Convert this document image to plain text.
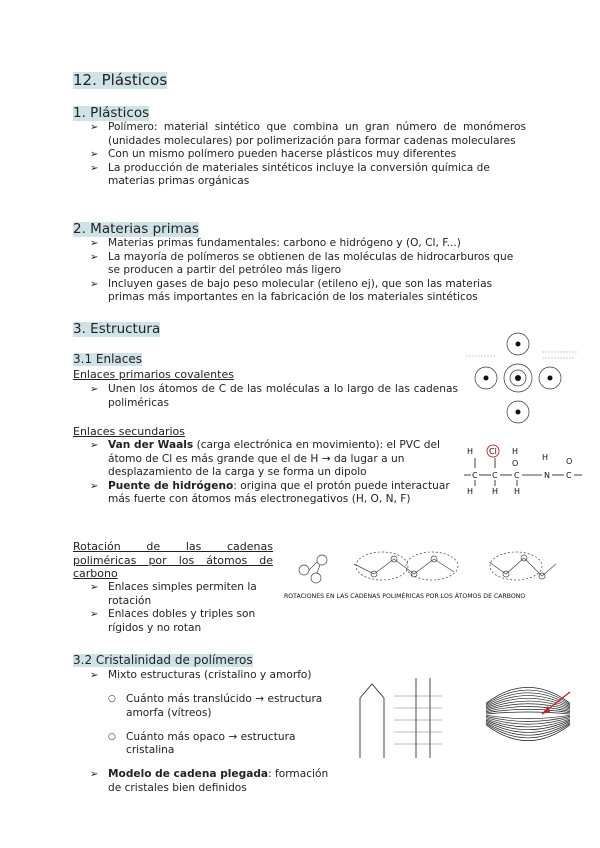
12. Plásticos
1. Plásticos

➢ Polímero: material sintético que combina un gran número de monómeros (unidades moleculares) por polimerización para formar cadenas moleculares

➢ Con un mismo polímero pueden hacerse plásticos muy diferentes

➢ La producción de materiales sintéticos incluye la conversión química de materias primas orgánicas

2. Materias primas

➢ Materias primas fundamentales: carbono e hidrógeno y (O, Cl, F...)

➢ La mayoría de polímeros se obtienen de las moléculas de hidrocarburos que se producen a partir del petróleo más ligero

➢ Incluyen gases de bajo peso molecular (etileno ej), que son las materias primas más importantes en la fabricación de los materiales sintéticos

3. Estructura
3.1 Enlaces
Enlaces primarios covalentes

➢ Unen los átomos de C de las moléculas a lo largo de las cadenas poliméricas

Enlaces secundarios

➢ Van der Waals (carga electrónica en movimiento): el PVC del átomo de Cl es más grande que el de H → da lugar a un desplazamiento de la carga y se forma un dipolo

➢ Puente de hidrógeno: origina que el protón puede interactuar más fuerte con átomos más electronegativos (H, O, N, F)

Rotación de las cadenas poliméricas por los átomos de carbono

➢ Enlaces simples permiten la rotación

➢ Enlaces dobles y triples son rígidos y no rotan

3.2 Cristalinidad de polímeros

➢ Mixto estructuras (cristalino y amorfo)

○ Cuánto más translúcido → estructura amorfa (vítreos)

○ Cuánto más opaco → estructura cristalina

➢ Modelo de cadena plegada: formación de cristales bien definidos

H Cl H
C C C
O
H
N
O
C
H H H
ROTACIONES EN LAS CADENAS POLIMÉRICAS POR LOS ÁTOMOS DE CARBONO
